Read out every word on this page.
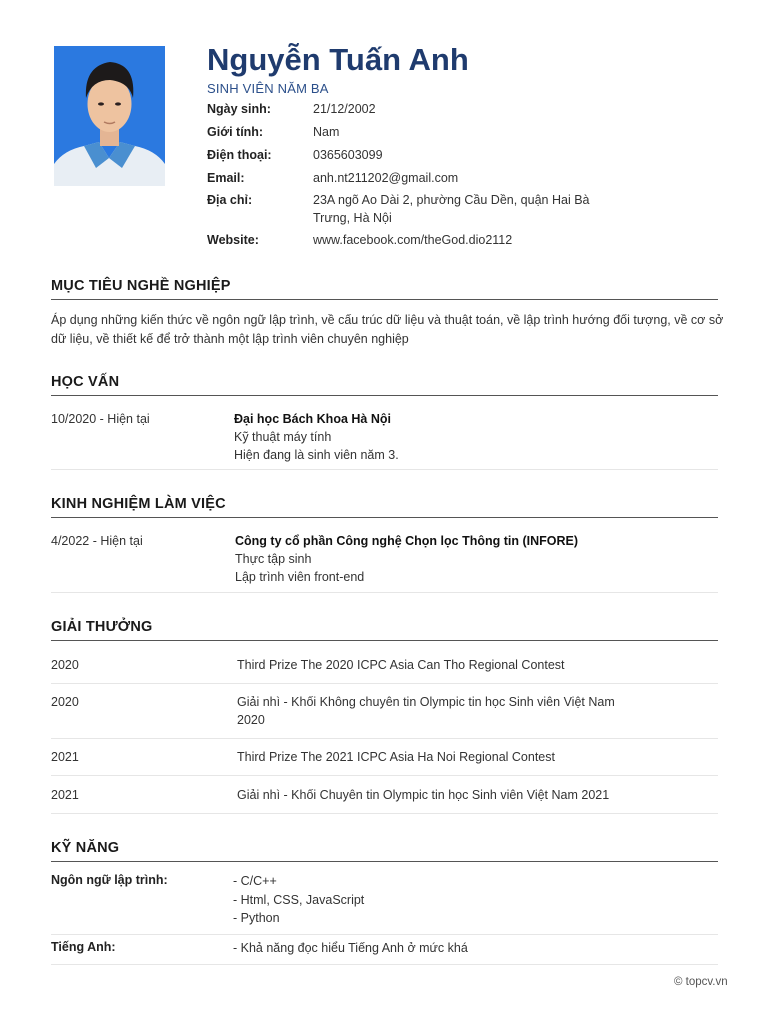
Nguyễn Tuấn Anh
SINH VIÊN NĂM BA
Ngày sinh:	21/12/2002
Giới tính:	Nam
Điện thoại:	0365603099
Email:	anh.nt211202@gmail.com
Địa chỉ:	23A ngõ Ao Dài 2, phường Cầu Dền, quận Hai Bà Trưng, Hà Nội
Website:	www.facebook.com/theGod.dio2112
MỤC TIÊU NGHỀ NGHIỆP
Áp dụng những kiến thức về ngôn ngữ lập trình, về cấu trúc dữ liệu và thuật toán, về lập trình hướng đối tượng, về cơ sở dữ liệu, về thiết kế để trở thành một lập trình viên chuyên nghiệp
HỌC VẤN
10/2020 - Hiện tại	Đại học Bách Khoa Hà Nội
Kỹ thuật máy tính
Hiện đang là sinh viên năm 3.
KINH NGHIỆM LÀM VIỆC
4/2022 - Hiện tại	Công ty cổ phần Công nghệ Chọn lọc Thông tin (INFORE)
Thực tập sinh
Lập trình viên front-end
GIẢI THƯỞNG
2020	Third Prize The 2020 ICPC Asia Can Tho Regional Contest
2020	Giải nhì - Khối Không chuyên tin Olympic tin học Sinh viên Việt Nam 2020
2021	Third Prize The 2021 ICPC Asia Ha Noi Regional Contest
2021	Giải nhì - Khối Chuyên tin Olympic tin học Sinh viên Việt Nam 2021
KỸ NĂNG
Ngôn ngữ lập trình:	- C/C++
- Html, CSS, JavaScript
- Python
Tiếng Anh:	- Khả năng đọc hiểu Tiếng Anh ở mức khá
© topcv.vn
